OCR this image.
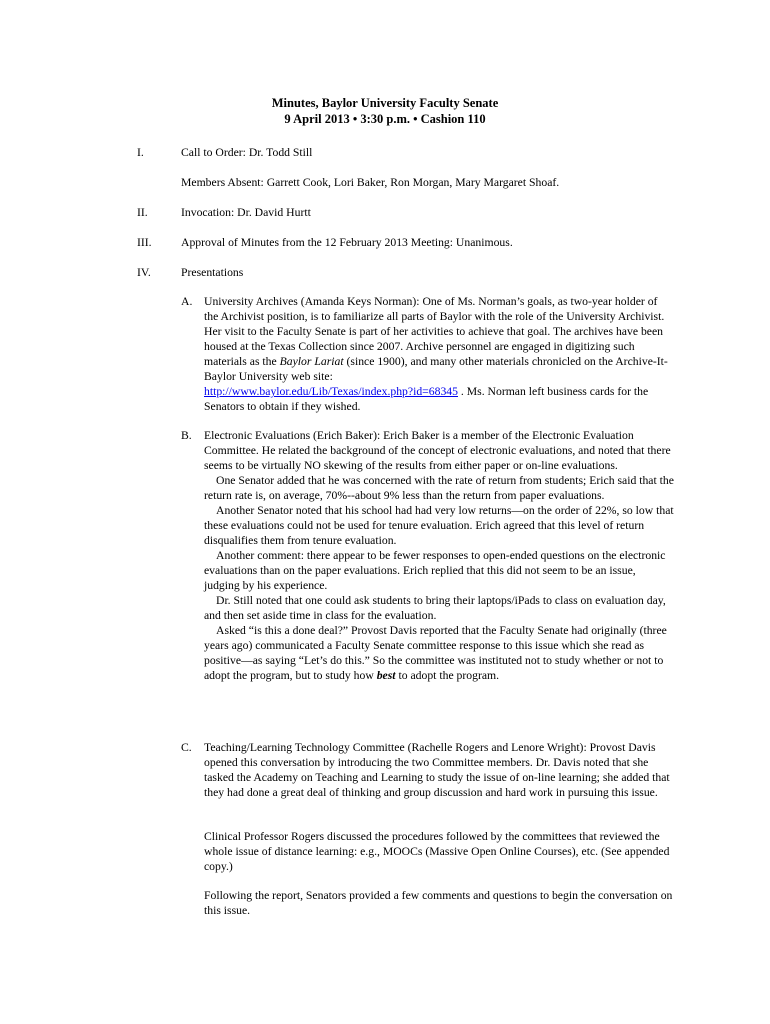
Minutes, Baylor University Faculty Senate
9 April 2013 • 3:30 p.m. • Cashion 110
I.	Call to Order: Dr. Todd Still
Members Absent: Garrett Cook, Lori Baker, Ron Morgan, Mary Margaret Shoaf.
II.	Invocation: Dr. David Hurtt
III.	Approval of Minutes from the 12 February 2013 Meeting: Unanimous.
IV.	Presentations
A. University Archives (Amanda Keys Norman): One of Ms. Norman’s goals, as two-year holder of the Archivist position, is to familiarize all parts of Baylor with the role of the University Archivist. Her visit to the Faculty Senate is part of her activities to achieve that goal. The archives have been housed at the Texas Collection since 2007. Archive personnel are engaged in digitizing such materials as the Baylor Lariat (since 1900), and many other materials chronicled on the Archive-It-Baylor University web site:
http://www.baylor.edu/Lib/Texas/index.php?id=68345 . Ms. Norman left business cards for the Senators to obtain if they wished.

B. Electronic Evaluations (Erich Baker): Erich Baker is a member of the Electronic Evaluation Committee. He related the background of the concept of electronic evaluations, and noted that there seems to be virtually NO skewing of the results from either paper or on-line evaluations.

One Senator added that he was concerned with the rate of return from students; Erich said that the return rate is, on average, 70%--about 9% less than the return from paper evaluations.

Another Senator noted that his school had had very low returns—on the order of 22%, so low that these evaluations could not be used for tenure evaluation. Erich agreed that this level of return disqualifies them from tenure evaluation.

Another comment: there appear to be fewer responses to open-ended questions on the electronic evaluations than on the paper evaluations. Erich replied that this did not seem to be an issue, judging by his experience.

Dr. Still noted that one could ask students to bring their laptops/iPads to class on evaluation day, and then set aside time in class for the evaluation.

Asked “is this a done deal?” Provost Davis reported that the Faculty Senate had originally (three years ago) communicated a Faculty Senate committee response to this issue which she read as positive—as saying “Let’s do this.” So the committee was instituted not to study whether or not to adopt the program, but to study how best to adopt the program.

C. Teaching/Learning Technology Committee (Rachelle Rogers and Lenore Wright): Provost Davis opened this conversation by introducing the two Committee members. Dr. Davis noted that she tasked the Academy on Teaching and Learning to study the issue of on-line learning; she added that they had done a great deal of thinking and group discussion and hard work in pursuing this issue.

Clinical Professor Rogers discussed the procedures followed by the committees that reviewed the whole issue of distance learning: e.g., MOOCs (Massive Open Online Courses), etc. (See appended copy.)

Following the report, Senators provided a few comments and questions to begin the conversation on this issue.
